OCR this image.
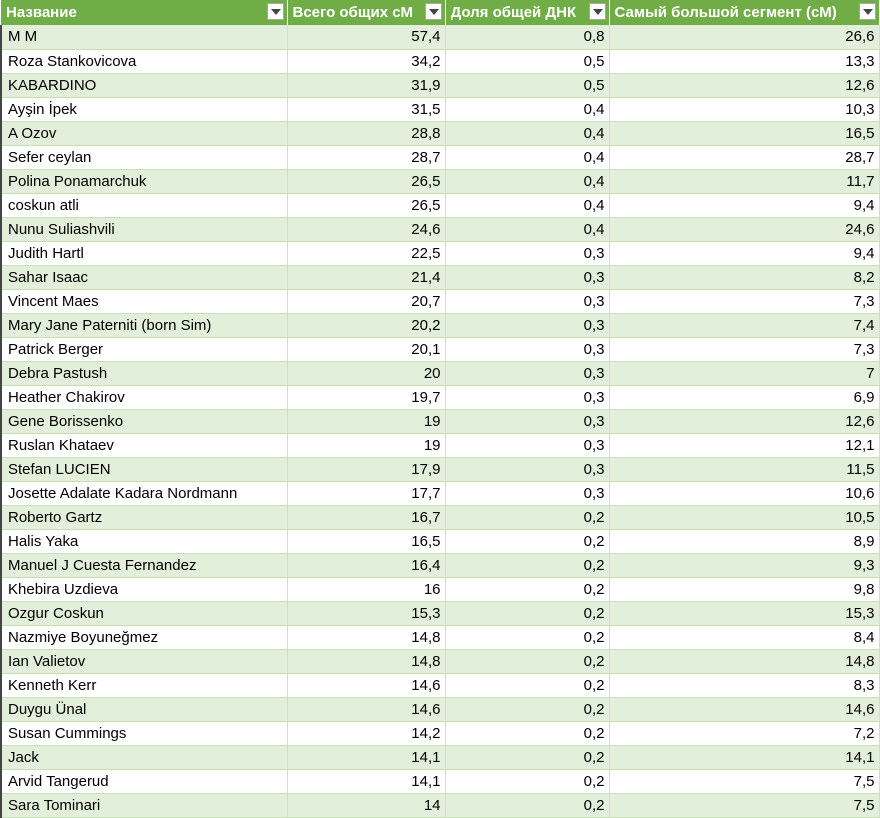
Название	Всего общих сМ	Доля общей ДНК	Самый большой сегмент (сМ)

M M	57,4	0,8	26,6
Roza Stankovicova	34,2	0,5	13,3
KABARDINO	31,9	0,5	12,6
Ayşin İpek	31,5	0,4	10,3
A Ozov	28,8	0,4	16,5
Sefer ceylan	28,7	0,4	28,7
Polina Ponamarchuk	26,5	0,4	11,7
coskun atli	26,5	0,4	9,4
Nunu Suliashvili	24,6	0,4	24,6
Judith Hartl	22,5	0,3	9,4
Sahar Isaac	21,4	0,3	8,2
Vincent Maes	20,7	0,3	7,3
Mary Jane Paterniti (born Sim)	20,2	0,3	7,4
Patrick Berger	20,1	0,3	7,3
Debra Pastush	20	0,3	7
Heather Chakirov	19,7	0,3	6,9
Gene Borissenko	19	0,3	12,6
Ruslan Khataev	19	0,3	12,1
Stefan LUCIEN	17,9	0,3	11,5
Josette Adalate Kadara Nordmann	17,7	0,3	10,6
Roberto Gartz	16,7	0,2	10,5
Halis Yaka	16,5	0,2	8,9
Manuel J Cuesta Fernandez	16,4	0,2	9,3
Khebira Uzdieva	16	0,2	9,8
Ozgur Coskun	15,3	0,2	15,3
Nazmiye Boyuneğmez	14,8	0,2	8,4
Ian Valietov	14,8	0,2	14,8
Kenneth Kerr	14,6	0,2	8,3
Duygu Ünal	14,6	0,2	14,6
Susan Cummings	14,2	0,2	7,2
Jack	14,1	0,2	14,1
Arvid Tangerud	14,1	0,2	7,5
Sara Tominari	14	0,2	7,5
